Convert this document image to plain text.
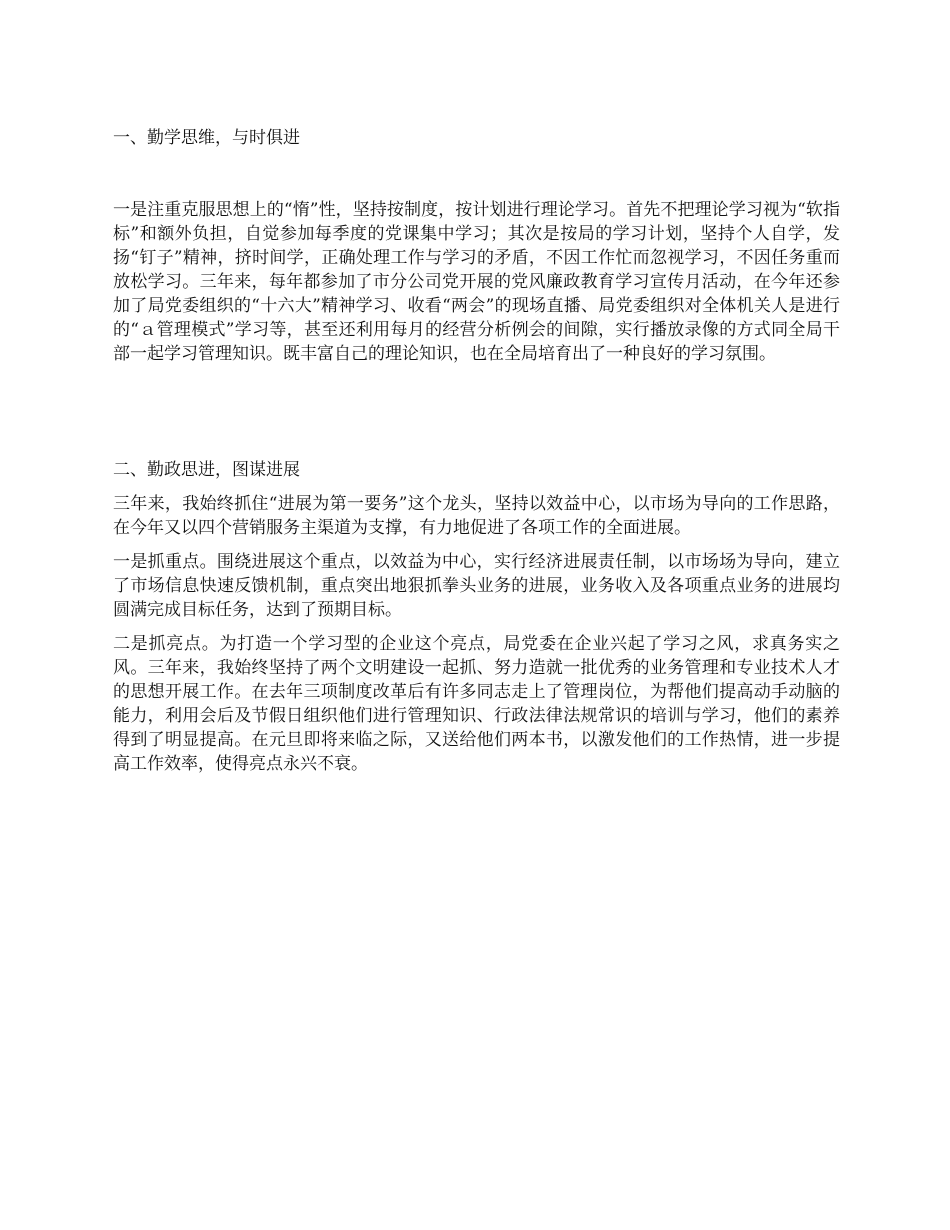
一、勤学思维，与时俱进

一是注重克服思想上的“惰”性，坚持按制度，按计划进行理论学习。首先不把理论学习视为“软指标”和额外负担，自觉参加每季度的党课集中学习；其次是按局的学习计划，坚持个人自学，发扬“钉子”精神，挤时间学，正确处理工作与学习的矛盾，不因工作忙而忽视学习，不因任务重而放松学习。三年来，每年都参加了市分公司党开展的党风廉政教育学习宣传月活动，在今年还参加了局党委组织的“十六大”精神学习、收看“两会”的现场直播、局党委组织对全体机关人是进行的“ａ管理模式”学习等，甚至还利用每月的经营分析例会的间隙，实行播放录像的方式同全局干部一起学习管理知识。既丰富自己的理论知识，也在全局培育出了一种良好的学习氛围。

二、勤政思进，图谋进展

三年来，我始终抓住“进展为第一要务”这个龙头，坚持以效益中心，以市场为导向的工作思路，在今年又以四个营销服务主渠道为支撑，有力地促进了各项工作的全面进展。

一是抓重点。围绕进展这个重点，以效益为中心，实行经济进展责任制，以市场场为导向，建立了市场信息快速反馈机制，重点突出地狠抓拳头业务的进展，业务收入及各项重点业务的进展均圆满完成目标任务，达到了预期目标。

二是抓亮点。为打造一个学习型的企业这个亮点，局党委在企业兴起了学习之风，求真务实之风。三年来，我始终坚持了两个文明建设一起抓、努力造就一批优秀的业务管理和专业技术人才的思想开展工作。在去年三项制度改革后有许多同志走上了管理岗位，为帮他们提高动手动脑的能力，利用会后及节假日组织他们进行管理知识、行政法律法规常识的培训与学习，他们的素养得到了明显提高。在元旦即将来临之际，又送给他们两本书，以激发他们的工作热情，进一步提高工作效率，使得亮点永兴不衰。
